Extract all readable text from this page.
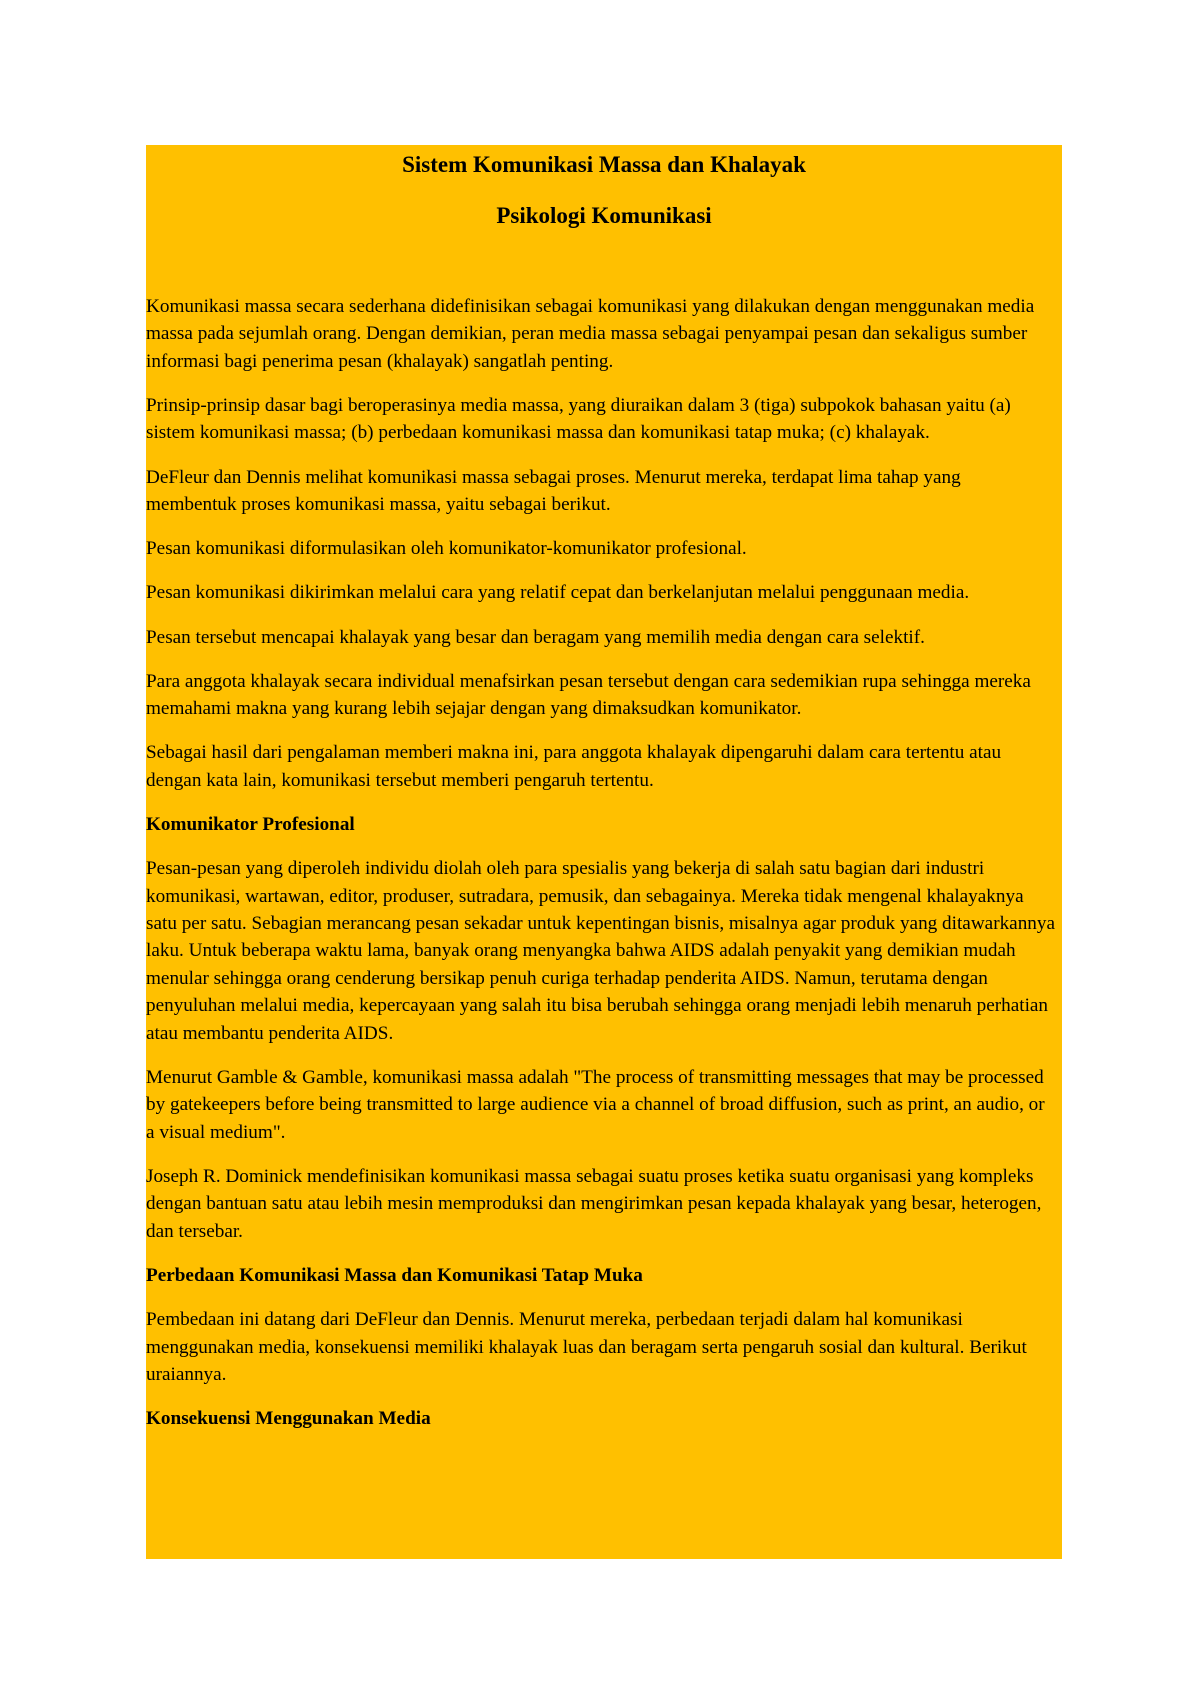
Sistem Komunikasi Massa dan Khalayak

Psikologi Komunikasi

Komunikasi massa secara sederhana didefinisikan sebagai komunikasi yang dilakukan dengan menggunakan media massa pada sejumlah orang. Dengan demikian, peran media massa sebagai penyampai pesan dan sekaligus sumber informasi bagi penerima pesan (khalayak) sangatlah penting.

Prinsip-prinsip dasar bagi beroperasinya media massa, yang diuraikan dalam 3 (tiga) subpokok bahasan yaitu (a) sistem komunikasi massa; (b) perbedaan komunikasi massa dan komunikasi tatap muka; (c) khalayak.

DeFleur dan Dennis melihat komunikasi massa sebagai proses. Menurut mereka, terdapat lima tahap yang membentuk proses komunikasi massa, yaitu sebagai berikut.

Pesan komunikasi diformulasikan oleh komunikator-komunikator profesional.

Pesan komunikasi dikirimkan melalui cara yang relatif cepat dan berkelanjutan melalui penggunaan media.

Pesan tersebut mencapai khalayak yang besar dan beragam yang memilih media dengan cara selektif.

Para anggota khalayak secara individual menafsirkan pesan tersebut dengan cara sedemikian rupa sehingga mereka memahami makna yang kurang lebih sejajar dengan yang dimaksudkan komunikator.

Sebagai hasil dari pengalaman memberi makna ini, para anggota khalayak dipengaruhi dalam cara tertentu atau dengan kata lain, komunikasi tersebut memberi pengaruh tertentu.

Komunikator Profesional

Pesan-pesan yang diperoleh individu diolah oleh para spesialis yang bekerja di salah satu bagian dari industri komunikasi, wartawan, editor, produser, sutradara, pemusik, dan sebagainya. Mereka tidak mengenal khalayaknya satu per satu. Sebagian merancang pesan sekadar untuk kepentingan bisnis, misalnya agar produk yang ditawarkannya laku. Untuk beberapa waktu lama, banyak orang menyangka bahwa AIDS adalah penyakit yang demikian mudah menular sehingga orang cenderung bersikap penuh curiga terhadap penderita AIDS. Namun, terutama dengan penyuluhan melalui media, kepercayaan yang salah itu bisa berubah sehingga orang menjadi lebih menaruh perhatian atau membantu penderita AIDS.

Menurut Gamble & Gamble, komunikasi massa adalah "The process of transmitting messages that may be processed by gatekeepers before being transmitted to large audience via a channel of broad diffusion, such as print, an audio, or a visual medium".

Joseph R. Dominick mendefinisikan komunikasi massa sebagai suatu proses ketika suatu organisasi yang kompleks dengan bantuan satu atau lebih mesin memproduksi dan mengirimkan pesan kepada khalayak yang besar, heterogen, dan tersebar.

Perbedaan Komunikasi Massa dan Komunikasi Tatap Muka

Pembedaan ini datang dari DeFleur dan Dennis. Menurut mereka, perbedaan terjadi dalam hal komunikasi menggunakan media, konsekuensi memiliki khalayak luas dan beragam serta pengaruh sosial dan kultural. Berikut uraiannya.

Konsekuensi Menggunakan Media
